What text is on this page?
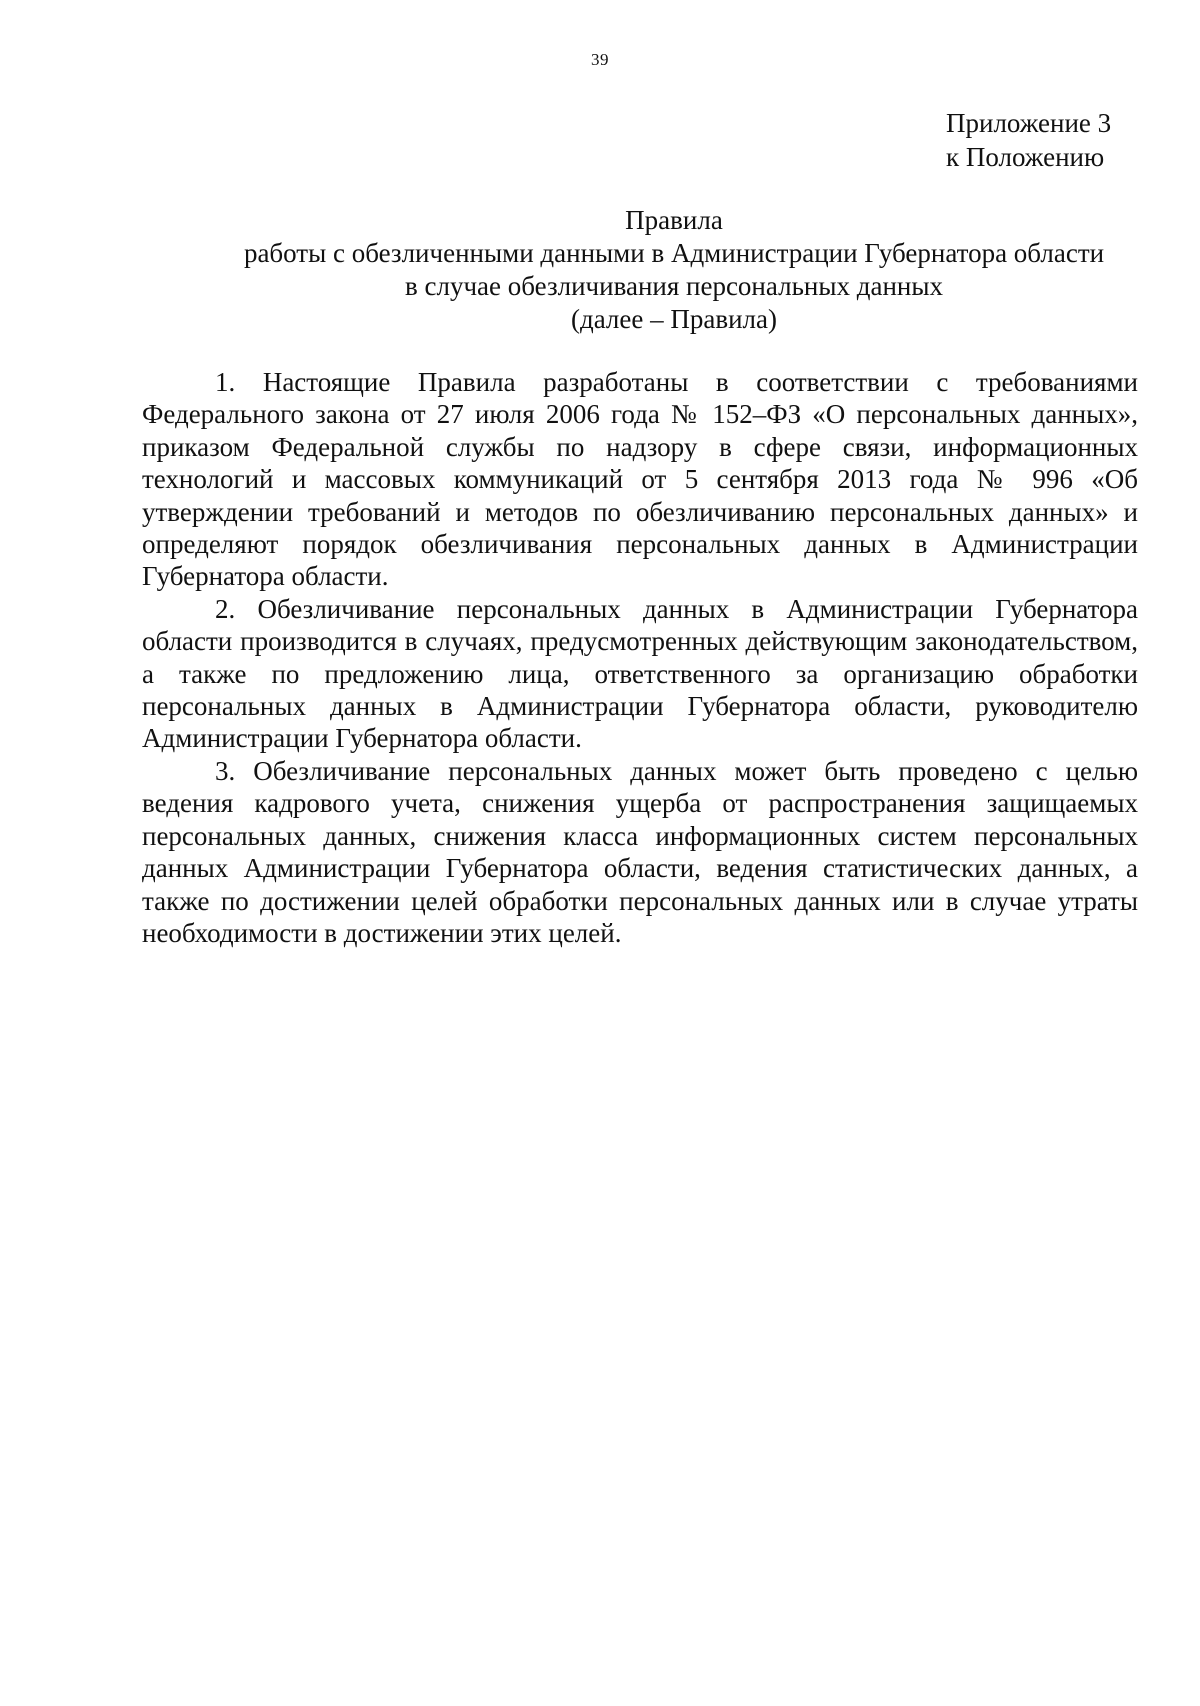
39
Приложение 3
к Положению
Правила
работы с обезличенными данными в Администрации Губернатора области
в случае обезличивания персональных данных
(далее – Правила)

1. Настоящие Правила разработаны в соответствии с требованиями Федерального закона от 27 июля 2006 года № 152–ФЗ «О персональных данных», приказом Федеральной службы по надзору в сфере связи, информационных технологий и массовых коммуникаций от 5 сентября 2013 года № 996 «Об утверждении требований и методов по обезличиванию персональных данных» и определяют порядок обезличивания персональных данных в Администрации Губернатора области.

2. Обезличивание персональных данных в Администрации Губернатора области производится в случаях, предусмотренных действующим законодательством, а также по предложению лица, ответственного за организацию обработки персональных данных в Администрации Губернатора области, руководителю Администрации Губернатора области.

3. Обезличивание персональных данных может быть проведено с целью ведения кадрового учета, снижения ущерба от распространения защищаемых персональных данных, снижения класса информационных систем персональных данных Администрации Губернатора области, ведения статистических данных, а также по достижении целей обработки персональных данных или в случае утраты необходимости в достижении этих целей.
